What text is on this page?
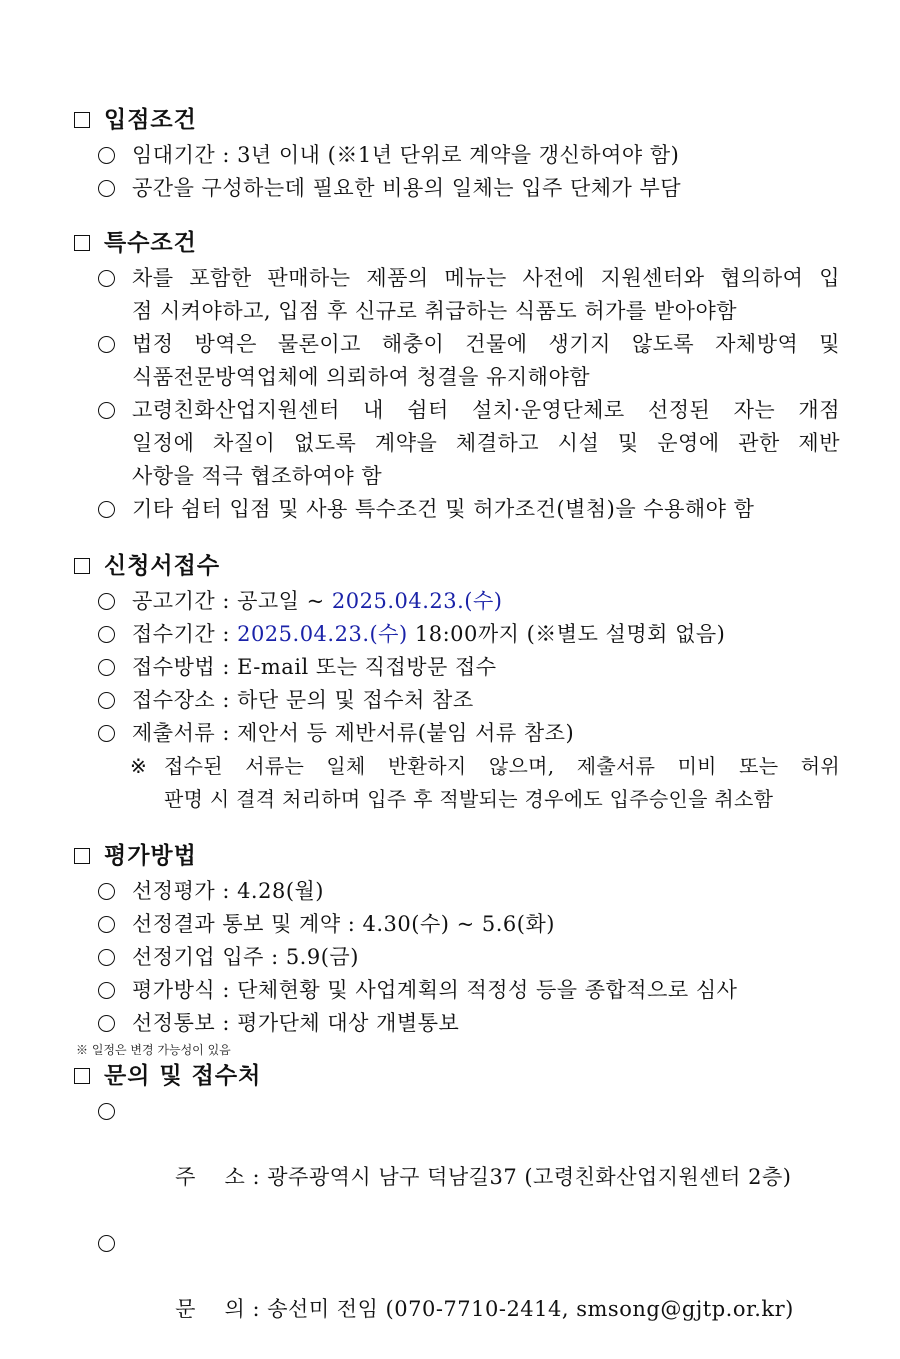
입점조건
임대기간 : 3년 이내 (※1년 단위로 계약을 갱신하여야 함)
공간을 구성하는데 필요한 비용의 일체는 입주 단체가 부담
특수조건
차를 포함한 판매하는 제품의 메뉴는 사전에 지원센터와 협의하여 입
점 시켜야하고, 입점 후 신규로 취급하는 식품도 허가를 받아야함
법정 방역은 물론이고 해충이 건물에 생기지 않도록 자체방역 및
식품전문방역업체에 의뢰하여 청결을 유지해야함
고령친화산업지원센터 내 쉼터 설치·운영단체로 선정된 자는 개점
일정에 차질이 없도록 계약을 체결하고 시설 및 운영에 관한 제반
사항을 적극 협조하여야 함
기타 쉼터 입점 및 사용 특수조건 및 허가조건(별첨)을 수용해야 함
신청서접수
공고기간 : 공고일 ~ 2025.04.23.(수)
접수기간 : 2025.04.23.(수) 18:00까지 (※별도 설명회 없음)
접수방법 : E-mail 또는 직접방문 접수
접수장소 : 하단 문의 및 접수처 참조
제출서류 : 제안서 등 제반서류(붙임 서류 참조)
※ 접수된 서류는 일체 반환하지 않으며, 제출서류 미비 또는 허위
판명 시 결격 처리하며 입주 후 적발되는 경우에도 입주승인을 취소함
평가방법
선정평가 : 4.28(월)
선정결과 통보 및 계약 : 4.30(수) ~ 5.6(화)
선정기업 입주 : 5.9(금)
평가방식 : 단체현황 및 사업계획의 적정성 등을 종합적으로 심사
선정통보 : 평가단체 대상 개별통보
※ 일정은 변경 가능성이 있음
문의 및 접수처

주    소 : 광주광역시 남구 덕남길37 (고령친화산업지원센터 2층)

문    의 : 송선미 전임 (070-7710-2414, smsong@gjtp.or.kr)
